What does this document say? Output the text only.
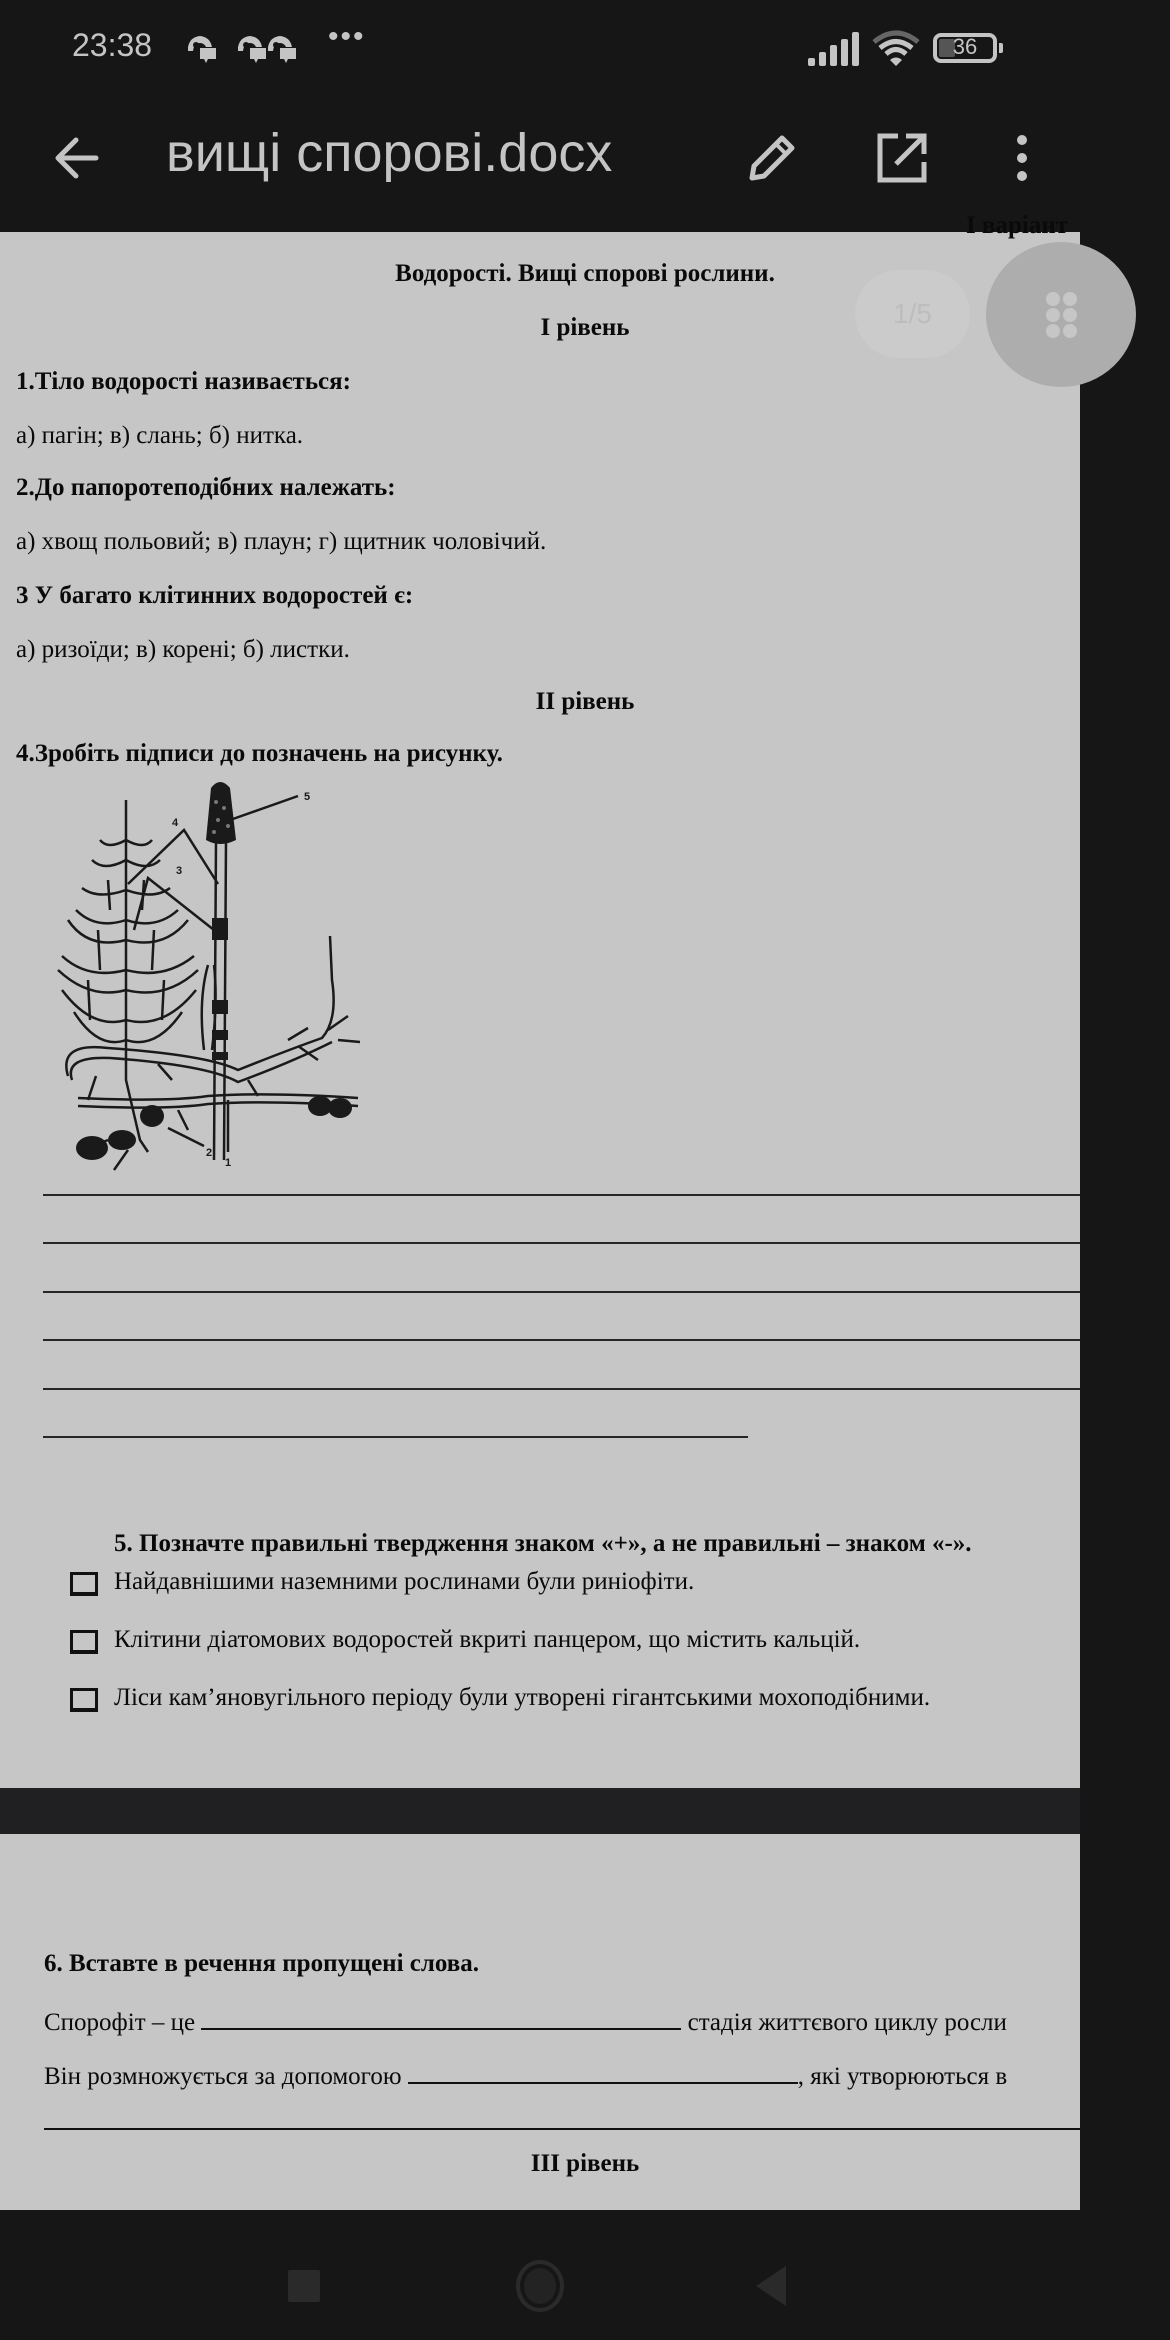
23:38	•••	36
вищі спорові.docx
І варіант
Водорості. Вищі спорові рослини.
І рівень
1.Тіло водорості називається:
а) пагін; в) слань; б) нитка.
2.До папоротеподібних належать:
а) хвощ польовий; в) плаун; г) щитник чоловічий.
3 У багато клітинних водоростей є:
а) ризоїди; в) корені; б) листки.
ІІ рівень
4.Зробіть підписи до позначень на рисунку.
5
4
3
2
1
5. Позначте правильні твердження знаком «+», а не правильні – знаком «-».
Найдавнішими наземними рослинами були риніофіти.
Клітини діатомових водоростей вкриті панцером, що містить кальцій.
Ліси кам’яновугільного періоду були утворені гігантськими мохоподібними.
1/5
6. Вставте в речення пропущені слова.
Спорофіт – це	стадія життєвого циклу росли
Він розмножується за допомогою	, які утворюються в
ІІІ рівень
